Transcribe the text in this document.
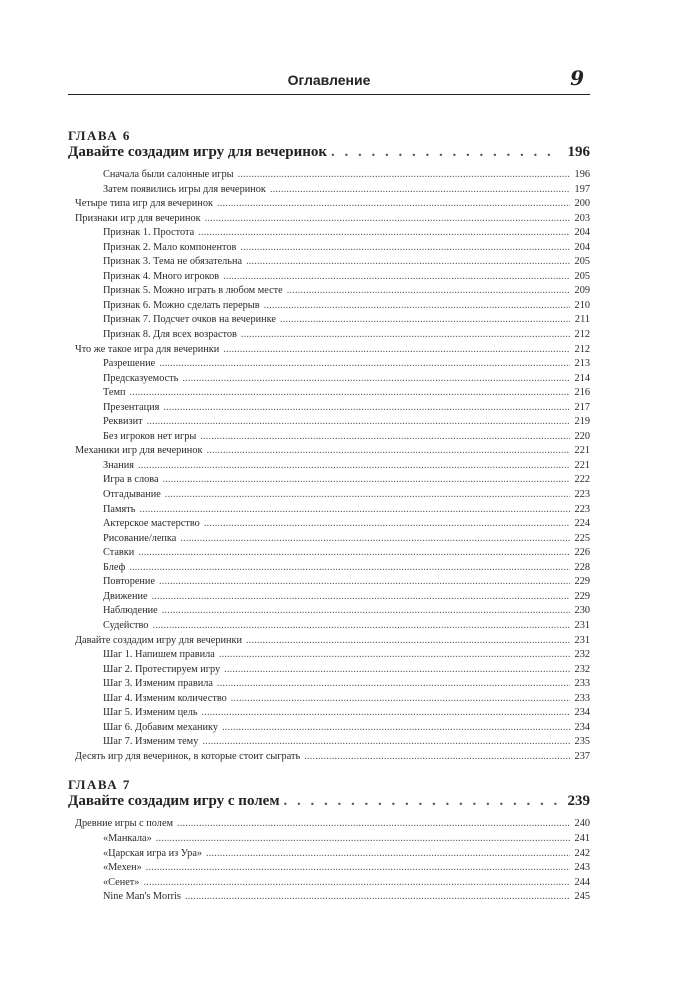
Оглавление	9
ГЛАВА 6
Давайте создадим игру для вечеринок . . .	196
Сначала были салонные игры . . .	196
Затем появились игры для вечеринок . . .	197
Четыре типа игр для вечеринок . . .	200
Признаки игр для вечеринок . . .	203
Признак 1. Простота . . .	204
Признак 2. Мало компонентов . . .	204
Признак 3. Тема не обязательна . . .	205
Признак 4. Много игроков . . .	205
Признак 5. Можно играть в любом месте . . .	209
Признак 6. Можно сделать перерыв . . .	210
Признак 7. Подсчет очков на вечеринке . . .	211
Признак 8. Для всех возрастов . . .	212
Что же такое игра для вечеринки . . .	212
Разрешение . . .	213
Предсказуемость . . .	214
Темп . . .	216
Презентация . . .	217
Реквизит . . .	219
Без игроков нет игры . . .	220
Механики игр для вечеринок . . .	221
Знания . . .	221
Игра в слова . . .	222
Отгадывание . . .	223
Память . . .	223
Актерское мастерство . . .	224
Рисование/лепка . . .	225
Ставки . . .	226
Блеф . . .	228
Повторение . . .	229
Движение . . .	229
Наблюдение . . .	230
Судейство . . .	231
Давайте создадим игру для вечеринки . . .	231
Шаг 1. Напишем правила . . .	232
Шаг 2. Протестируем игру . . .	232
Шаг 3. Изменим правила . . .	233
Шаг 4. Изменим количество . . .	233
Шаг 5. Изменим цель . . .	234
Шаг 6. Добавим механику . . .	234
Шаг 7. Изменим тему . . .	235
Десять игр для вечеринок, в которые стоит сыграть . . .	237
ГЛАВА 7
Давайте создадим игру с полем . . .	239
Древние игры с полем . . .	240
«Манкала» . . .	241
«Царская игра из Ура» . . .	242
«Мехен» . . .	243
«Сенет» . . .	244
Nine Man's Morris . . .	245
